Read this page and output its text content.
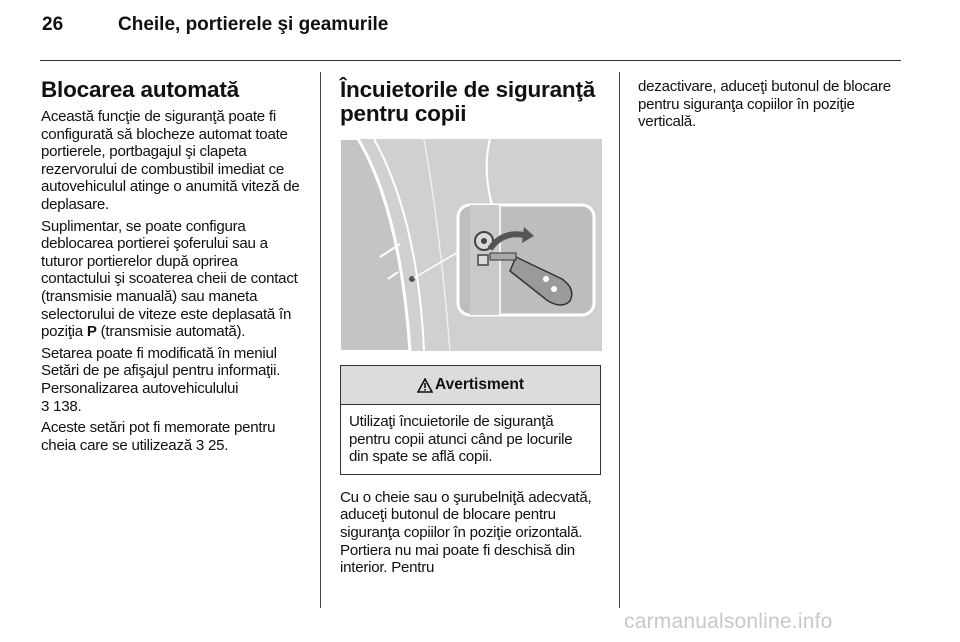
26	Cheile, portierele şi geamurile
Blocarea automată

Această funcţie de siguranţă poate fi configurată să blocheze automat toate portierele, portbagajul şi clapeta rezervorului de combustibil imediat ce autovehiculul atinge o anumită viteză de deplasare.

Suplimentar, se poate configura deblocarea portierei şoferului sau a tuturor portierelor după oprirea contactului şi scoaterea cheii de contact (transmisie manuală) sau maneta selectorului de viteze este deplasată în poziţia P (transmisie automată).

Setarea poate fi modificată în meniul Setări de pe afişajul pentru informaţii. Personalizarea autovehiculului
3 138.

Aceste setări pot fi memorate pentru cheia care se utilizează 3 25.

Încuietorile de siguranţă pentru copii
Avertisment

Utilizaţi încuietorile de siguranţă pentru copii atunci când pe locurile din spate se află copii.

Cu o cheie sau o şurubelniţă adecvată, aduceţi butonul de blocare pentru siguranţa copiilor în poziţie orizontală. Portiera nu mai poate fi deschisă din interior. Pentru

dezactivare, aduceţi butonul de blocare pentru siguranţa copiilor în poziţie verticală.

carmanualsonline.info
